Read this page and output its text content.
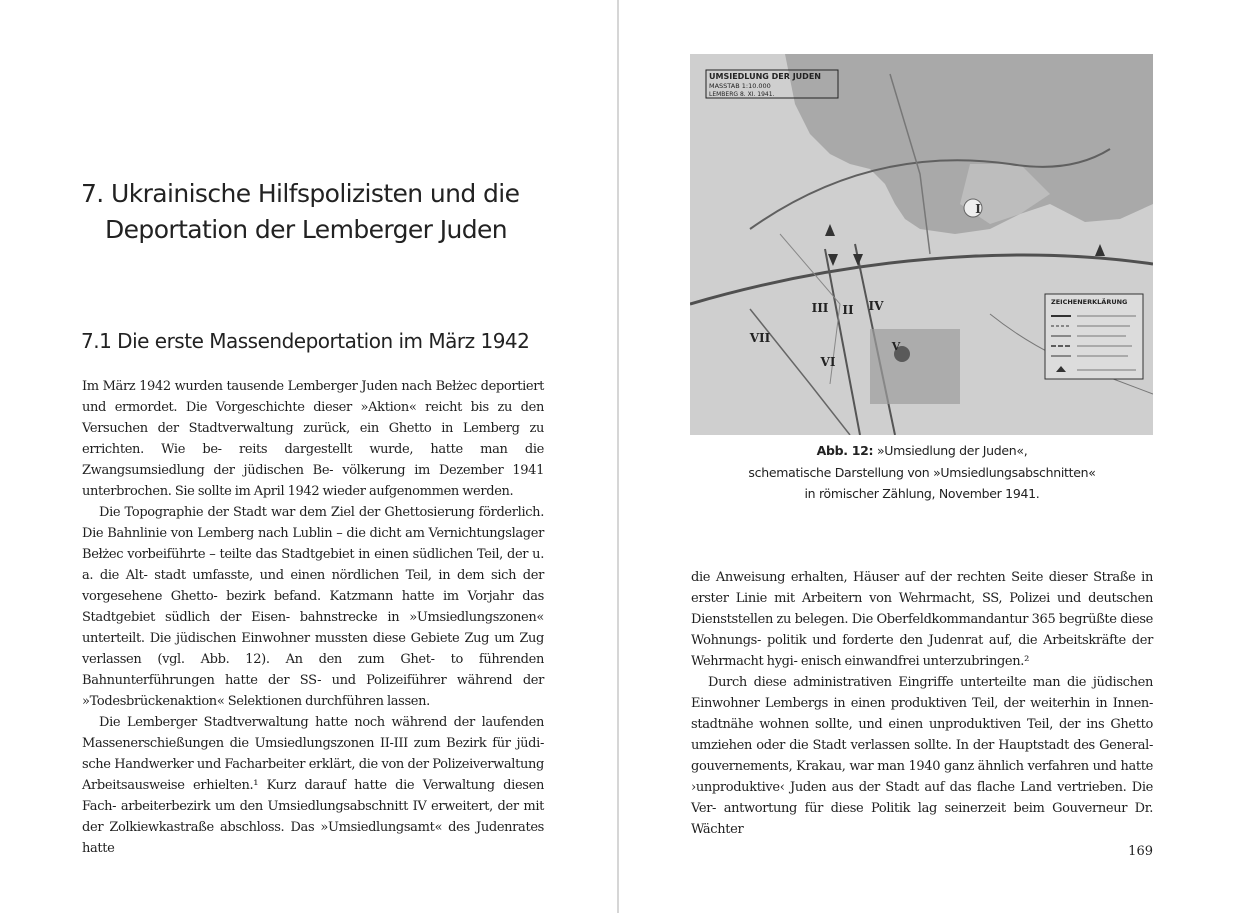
7. Ukrainische Hilfspolizisten und die
Deportation der Lemberger Juden
7.1 Die erste Massendeportation im März 1942

Im März 1942 wurden tausende Lemberger Juden nach Bełżec deportiert und ermordet. Die Vorgeschichte dieser »Aktion« reicht bis zu den Versuchen der Stadtverwaltung zurück, ein Ghetto in Lemberg zu errichten. Wie be- reits dargestellt wurde, hatte man die Zwangsumsiedlung der jüdischen Be- völkerung im Dezember 1941 unterbrochen. Sie sollte im April 1942 wieder aufgenommen werden.

Die Topographie der Stadt war dem Ziel der Ghettosierung förderlich. Die Bahnlinie von Lemberg nach Lublin – die dicht am Vernichtungslager Bełżec vorbeiführte – teilte das Stadtgebiet in einen südlichen Teil, der u. a. die Alt- stadt umfasste, und einen nördlichen Teil, in dem sich der vorgesehene Ghetto- bezirk befand. Katzmann hatte im Vorjahr das Stadtgebiet südlich der Eisen- bahnstrecke in »Umsiedlungszonen« unterteilt. Die jüdischen Einwohner mussten diese Gebiete Zug um Zug verlassen (vgl. Abb. 12). An den zum Ghet- to führenden Bahnunterführungen hatte der SS- und Polizeiführer während der »Todesbrückenaktion« Selektionen durchführen lassen.

Die Lemberger Stadtverwaltung hatte noch während der laufenden Massenerschießungen die Umsiedlungszonen II-III zum Bezirk für jüdi- sche Handwerker und Facharbeiter erklärt, die von der Polizeiverwaltung Arbeitsausweise erhielten.¹ Kurz darauf hatte die Verwaltung diesen Fach- arbeiterbezirk um den Umsiedlungsabschnitt IV erweitert, der mit der Zolkiewkastraße abschloss. Das »Umsiedlungsamt« des Judenrates hatte

UMSIEDLUNG DER JUDEN
MASSTAB 1:10.000
LEMBERG 8. XI. 1941.
ZEICHENERKLÄRUNG
I
II
III	IV
V
VI
VII

Abb. 12: »Umsiedlung der Juden«,
schematische Darstellung von »Umsiedlungsabschnitten«
in römischer Zählung, November 1941.

die Anweisung erhalten, Häuser auf der rechten Seite dieser Straße in erster Linie mit Arbeitern von Wehrmacht, SS, Polizei und deutschen Dienststellen zu belegen. Die Oberfeldkommandantur 365 begrüßte diese Wohnungs- politik und forderte den Judenrat auf, die Arbeitskräfte der Wehrmacht hygi- enisch einwandfrei unterzubringen.²

Durch diese administrativen Eingriffe unterteilte man die jüdischen Einwohner Lembergs in einen produktiven Teil, der weiterhin in Innen- stadtnähe wohnen sollte, und einen unproduktiven Teil, der ins Ghetto umziehen oder die Stadt verlassen sollte. In der Hauptstadt des General- gouvernements, Krakau, war man 1940 ganz ähnlich verfahren und hatte ›unproduktive‹ Juden aus der Stadt auf das flache Land vertrieben. Die Ver- antwortung für diese Politik lag seinerzeit beim Gouverneur Dr. Wächter

169
